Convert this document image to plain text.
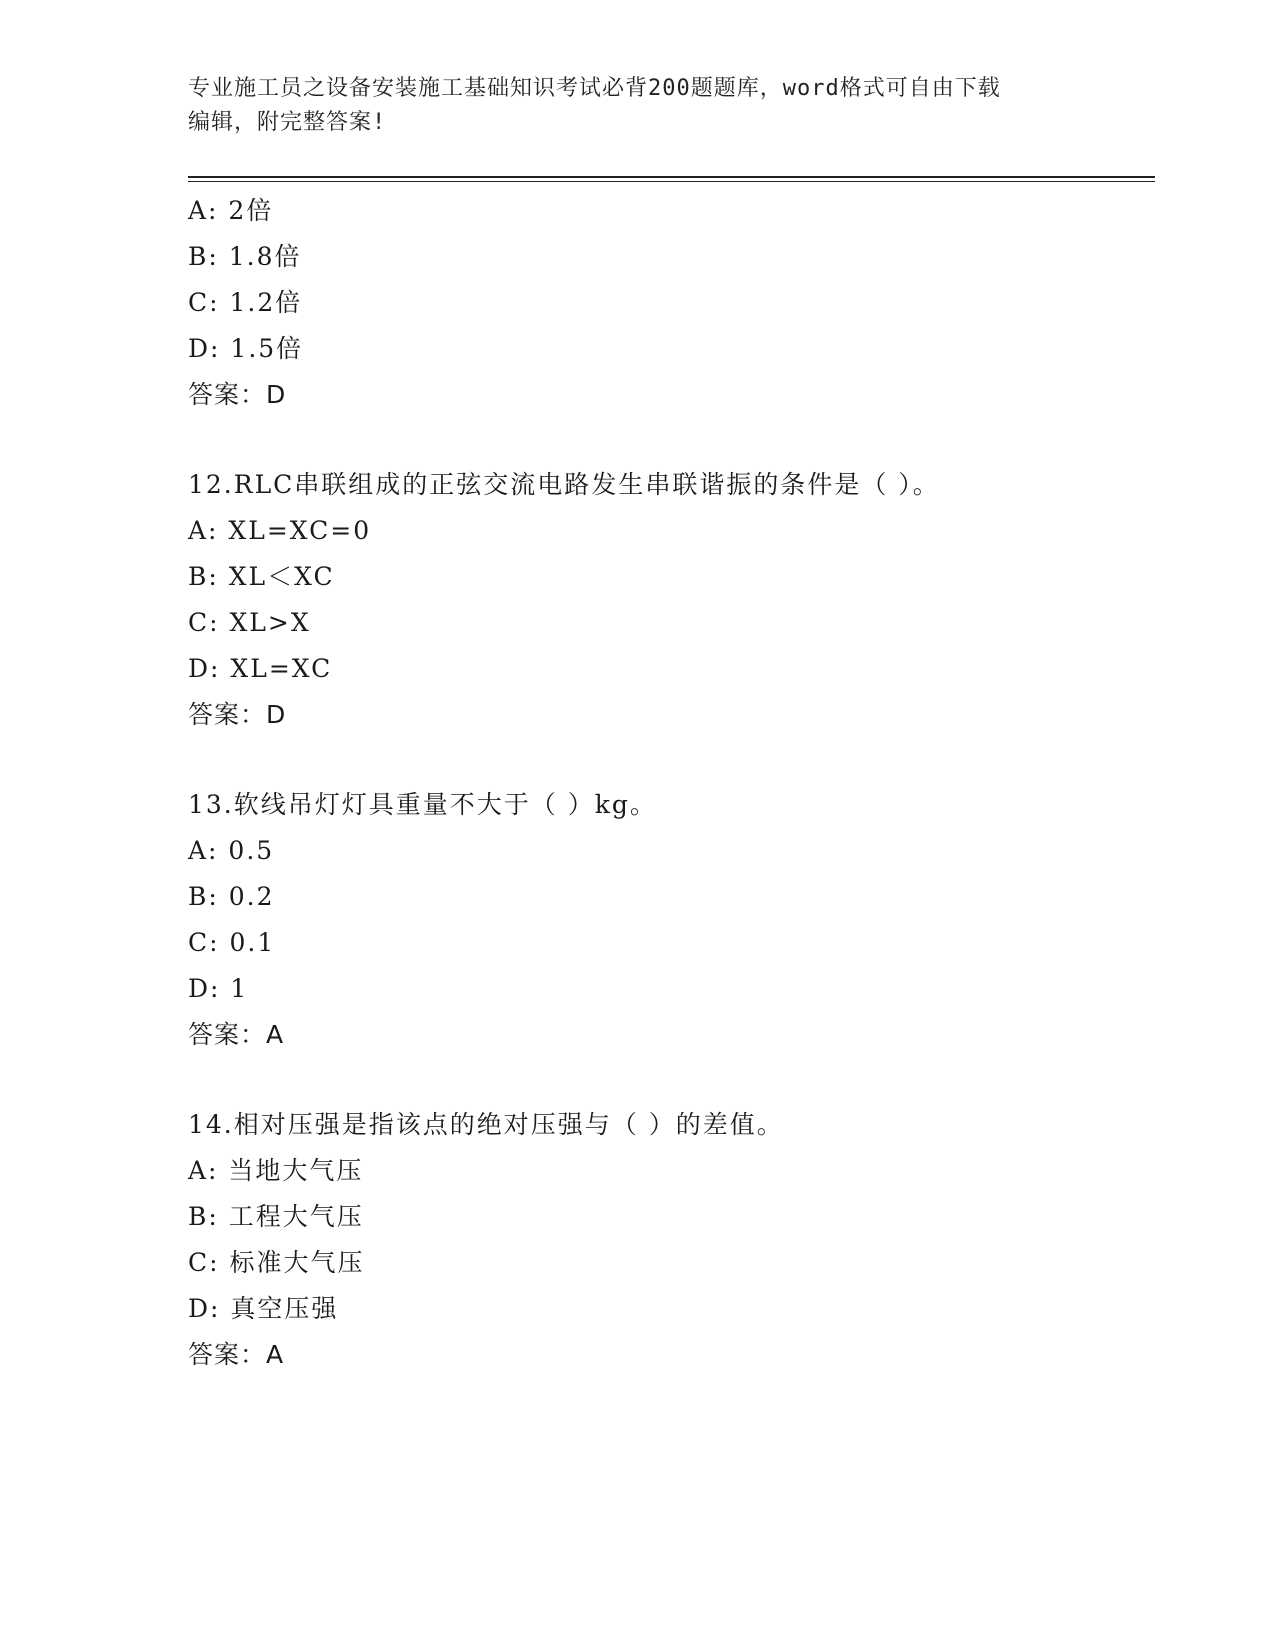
专业施工员之设备安装施工基础知识考试必背200题题库，word格式可自由下载
编辑，附完整答案!
A: 2倍
B: 1.8倍
C: 1.2倍
D: 1.5倍
答案：D
12.RLC串联组成的正弦交流电路发生串联谐振的条件是（ ）。
A: XL=XC=0
B: XL＜XC
C: XL>X
D: XL=XC
答案：D
13.软线吊灯灯具重量不大于（ ）kg。
A: 0.5
B: 0.2
C: 0.1
D: 1
答案：A
14.相对压强是指该点的绝对压强与（ ）的差值。
A: 当地大气压
B: 工程大气压
C: 标准大气压
D: 真空压强
答案：A
